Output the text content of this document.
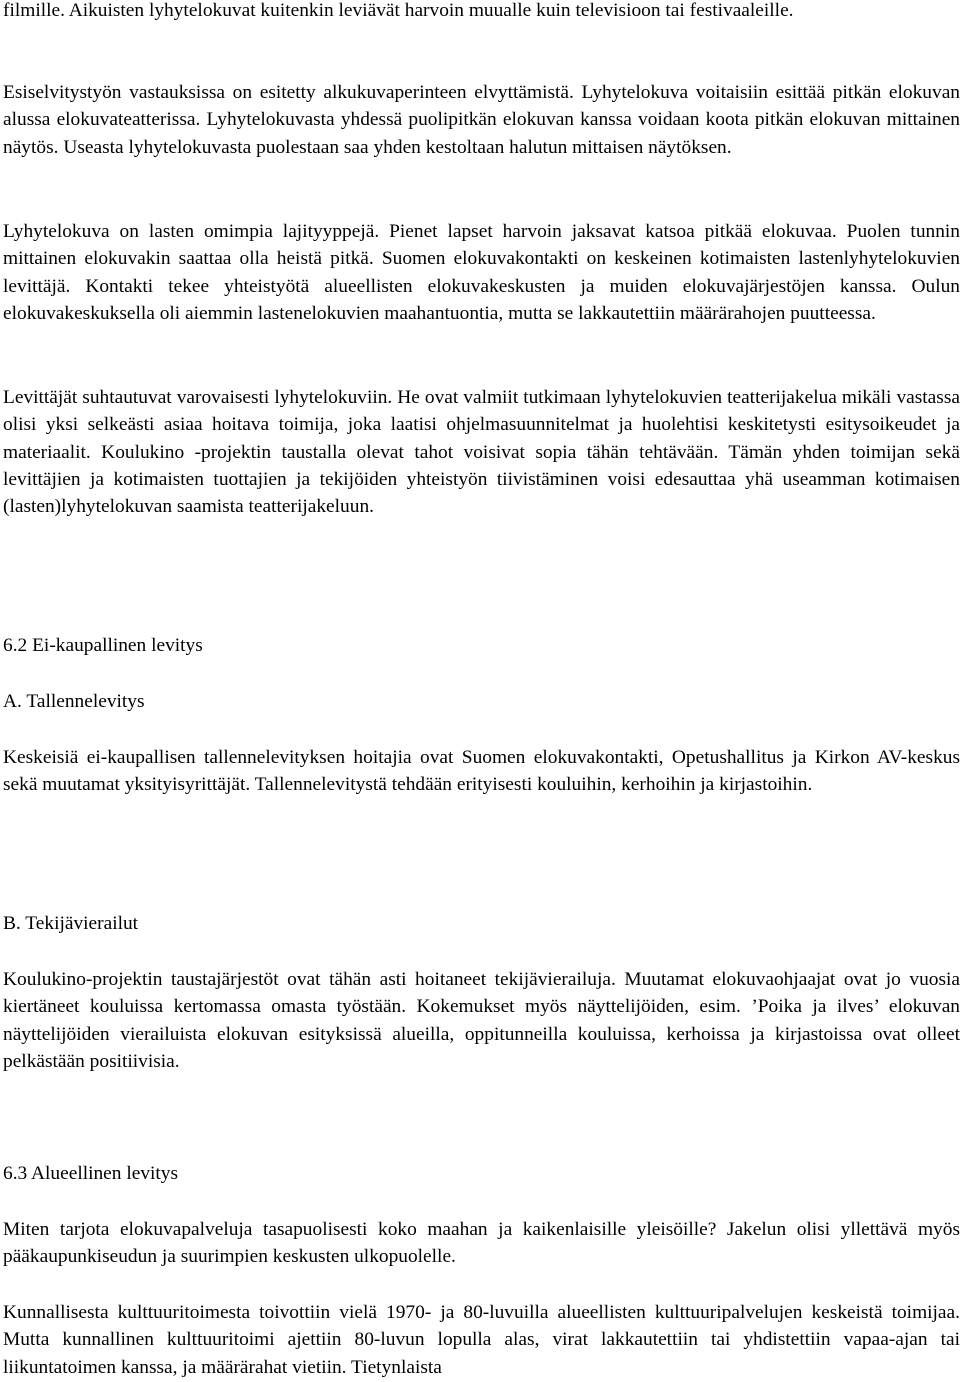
filmille. Aikuisten lyhytelokuvat kuitenkin leviävät harvoin muualle kuin televisioon tai festivaaleille.

Esiselvitystyön vastauksissa on esitetty alkukuvaperinteen elvyttämistä. Lyhytelokuva voitaisiin esittää pitkän elokuvan alussa elokuvateatterissa. Lyhytelokuvasta yhdessä puolipitkän elokuvan kanssa voidaan koota pitkän elokuvan mittainen näytös. Useasta lyhytelokuvasta puolestaan saa yhden kestoltaan halutun mittaisen näytöksen.

Lyhytelokuva on lasten omimpia lajityyppejä. Pienet lapset harvoin jaksavat katsoa pitkää elokuvaa. Puolen tunnin mittainen elokuvakin saattaa olla heistä pitkä. Suomen elokuvakontakti on keskeinen kotimaisten lastenlyhytelokuvien levittäjä. Kontakti tekee yhteistyötä alueellisten elokuvakeskusten ja muiden elokuvajärjestöjen kanssa. Oulun elokuvakeskuksella oli aiemmin lastenelokuvien maahantuontia, mutta se lakkautettiin määrärahojen puutteessa.

Levittäjät suhtautuvat varovaisesti lyhytelokuviin. He ovat valmiit tutkimaan lyhytelokuvien teatterijakelua mikäli vastassa olisi yksi selkeästi asiaa hoitava toimija, joka laatisi ohjelmasuunnitelmat ja huolehtisi keskitetysti esitysoikeudet ja materiaalit. Koulukino -projektin taustalla olevat tahot voisivat sopia tähän tehtävään. Tämän yhden toimijan sekä levittäjien ja kotimaisten tuottajien ja tekijöiden yhteistyön tiivistäminen voisi edesauttaa yhä useamman kotimaisen (lasten)lyhytelokuvan saamista teatterijakeluun.

6.2 Ei-kaupallinen levitys
A. Tallennelevitys

Keskeisiä ei-kaupallisen tallennelevityksen hoitajia ovat Suomen elokuvakontakti, Opetushallitus ja Kirkon AV-keskus sekä muutamat yksityisyrittäjät. Tallennelevitystä tehdään erityisesti kouluihin, kerhoihin ja kirjastoihin.

B. Tekijävierailut

Koulukino-projektin taustajärjestöt ovat tähän asti hoitaneet tekijävierailuja. Muutamat elokuvaohjaajat ovat jo vuosia kiertäneet kouluissa kertomassa omasta työstään. Kokemukset myös näyttelijöiden, esim. ’Poika ja ilves’ elokuvan näyttelijöiden vierailuista elokuvan esityksissä alueilla, oppitunneilla kouluissa, kerhoissa ja kirjastoissa ovat olleet pelkästään positiivisia.

6.3 Alueellinen levitys

Miten tarjota elokuvapalveluja tasapuolisesti koko maahan ja kaikenlaisille yleisöille? Jakelun olisi yllettävä myös pääkaupunkiseudun ja suurimpien keskusten ulkopuolelle.

Kunnallisesta kulttuuritoimesta toivottiin vielä 1970- ja 80-luvuilla alueellisten kulttuuripalvelujen keskeistä toimijaa. Mutta kunnallinen kulttuuritoimi ajettiin 80-luvun lopulla alas, virat lakkautettiin tai yhdistettiin vapaa-ajan tai liikuntatoimen kanssa, ja määrärahat vietiin. Tietynlaista
